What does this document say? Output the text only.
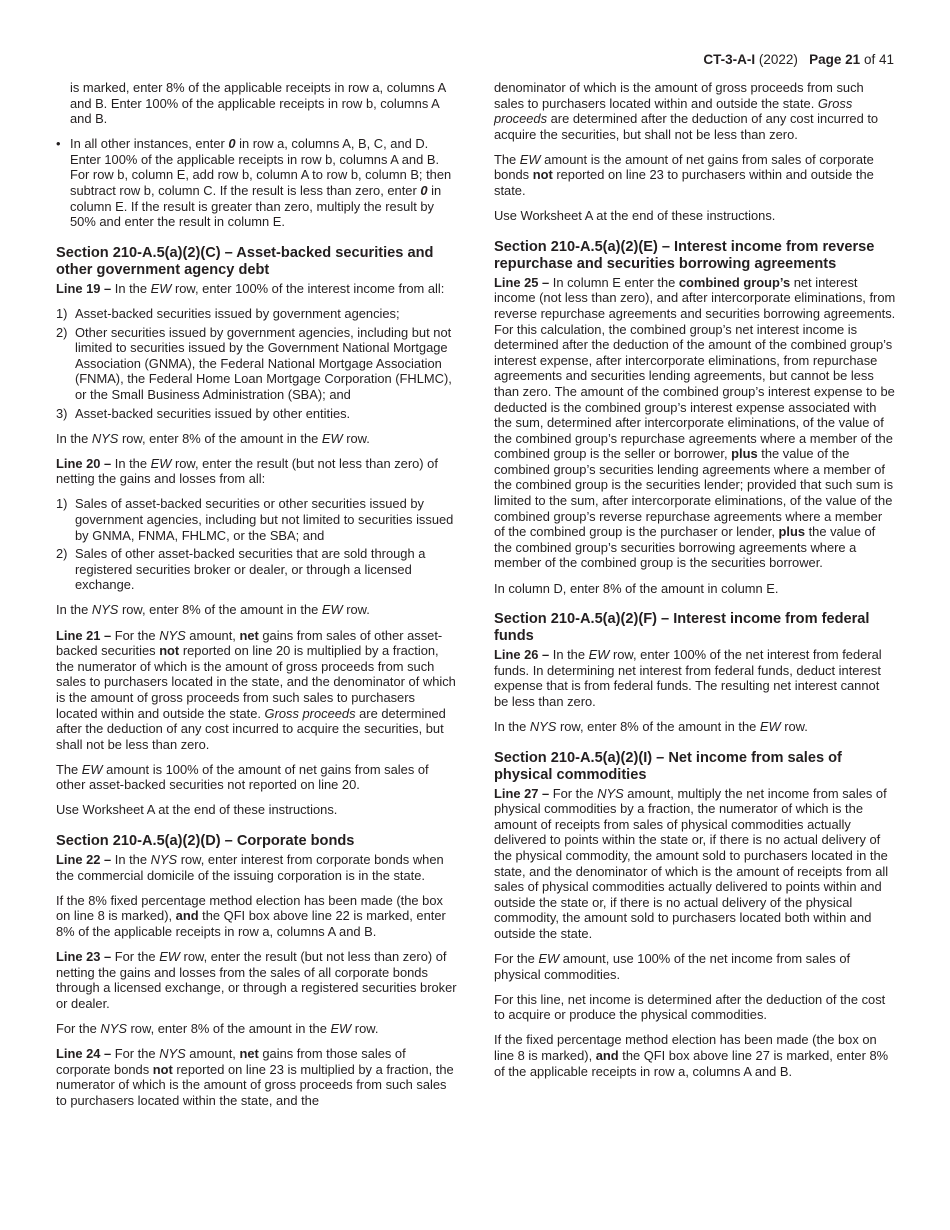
CT-3-A-I (2022) Page 21 of 41

is marked, enter 8% of the applicable receipts in row a, columns A and B. Enter 100% of the applicable receipts in row b, columns A and B.

• In all other instances, enter 0 in row a, columns A, B, C, and D. Enter 100% of the applicable receipts in row b, columns A and B. For row b, column E, add row b, column A to row b, column B; then subtract row b, column C. If the result is less than zero, enter 0 in column E. If the result is greater than zero, multiply the result by 50% and enter the result in column E.
Section 210-A.5(a)(2)(C) – Asset-backed securities and other government agency debt

Line 19 – In the EW row, enter 100% of the interest income from all:

1) Asset-backed securities issued by government agencies;
2) Other securities issued by government agencies, including but not limited to securities issued by the Government National Mortgage Association (GNMA), the Federal National Mortgage Association (FNMA), the Federal Home Loan Mortgage Corporation (FHLMC), or the Small Business Administration (SBA); and
3) Asset-backed securities issued by other entities.

In the NYS row, enter 8% of the amount in the EW row.

Line 20 – In the EW row, enter the result (but not less than zero) of netting the gains and losses from all:

1) Sales of asset-backed securities or other securities issued by government agencies, including but not limited to securities issued by GNMA, FNMA, FHLMC, or the SBA; and
2) Sales of other asset-backed securities that are sold through a registered securities broker or dealer, or through a licensed exchange.

In the NYS row, enter 8% of the amount in the EW row.

Line 21 – For the NYS amount, net gains from sales of other asset-backed securities not reported on line 20 is multiplied by a fraction, the numerator of which is the amount of gross proceeds from such sales to purchasers located in the state, and the denominator of which is the amount of gross proceeds from such sales to purchasers located within and outside the state. Gross proceeds are determined after the deduction of any cost incurred to acquire the securities, but shall not be less than zero.

The EW amount is 100% of the amount of net gains from sales of other asset-backed securities not reported on line 20.

Use Worksheet A at the end of these instructions.

Section 210-A.5(a)(2)(D) – Corporate bonds

Line 22 – In the NYS row, enter interest from corporate bonds when the commercial domicile of the issuing corporation is in the state.

If the 8% fixed percentage method election has been made (the box on line 8 is marked), and the QFI box above line 22 is marked, enter 8% of the applicable receipts in row a, columns A and B.

Line 23 – For the EW row, enter the result (but not less than zero) of netting the gains and losses from the sales of all corporate bonds through a licensed exchange, or through a registered securities broker or dealer.

For the NYS row, enter 8% of the amount in the EW row.

Line 24 – For the NYS amount, net gains from those sales of corporate bonds not reported on line 23 is multiplied by a fraction, the numerator of which is the amount of gross proceeds from such sales to purchasers located within the state, and the

denominator of which is the amount of gross proceeds from such sales to purchasers located within and outside the state. Gross proceeds are determined after the deduction of any cost incurred to acquire the securities, but shall not be less than zero.

The EW amount is the amount of net gains from sales of corporate bonds not reported on line 23 to purchasers within and outside the state.

Use Worksheet A at the end of these instructions.

Section 210-A.5(a)(2)(E) – Interest income from reverse repurchase and securities borrowing agreements

Line 25 – In column E enter the combined group’s net interest income (not less than zero), and after intercorporate eliminations, from reverse repurchase agreements and securities borrowing agreements. For this calculation, the combined group’s net interest income is determined after the deduction of the amount of the combined group’s interest expense, after intercorporate eliminations, from repurchase agreements and securities lending agreements, but cannot be less than zero. The amount of the combined group’s interest expense to be deducted is the combined group’s interest expense associated with the sum, determined after intercorporate eliminations, of the value of the combined group’s repurchase agreements where a member of the combined group is the seller or borrower, plus the value of the combined group’s securities lending agreements where a member of the combined group is the securities lender; provided that such sum is limited to the sum, after intercorporate eliminations, of the value of the combined group’s reverse repurchase agreements where a member of the combined group is the purchaser or lender, plus the value of the combined group’s securities borrowing agreements where a member of the combined group is the securities borrower.

In column D, enter 8% of the amount in column E.

Section 210-A.5(a)(2)(F) – Interest income from federal funds

Line 26 – In the EW row, enter 100% of the net interest from federal funds. In determining net interest from federal funds, deduct interest expense that is from federal funds. The resulting net interest cannot be less than zero.

In the NYS row, enter 8% of the amount in the EW row.

Section 210-A.5(a)(2)(I) – Net income from sales of physical commodities

Line 27 – For the NYS amount, multiply the net income from sales of physical commodities by a fraction, the numerator of which is the amount of receipts from sales of physical commodities actually delivered to points within the state or, if there is no actual delivery of the physical commodity, the amount sold to purchasers located in the state, and the denominator of which is the amount of receipts from all sales of physical commodities actually delivered to points within and outside the state or, if there is no actual delivery of the physical commodity, the amount sold to purchasers located both within and outside the state.

For the EW amount, use 100% of the net income from sales of physical commodities.

For this line, net income is determined after the deduction of the cost to acquire or produce the physical commodities.

If the fixed percentage method election has been made (the box on line 8 is marked), and the QFI box above line 27 is marked, enter 8% of the applicable receipts in row a, columns A and B.
